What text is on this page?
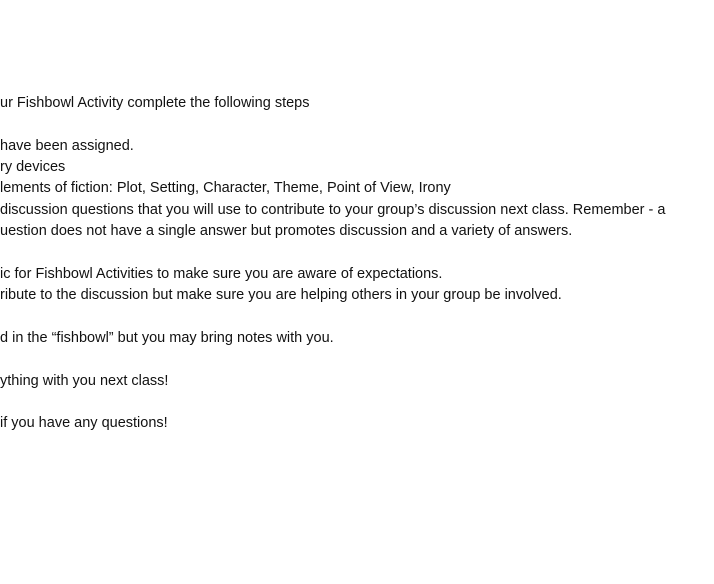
ur Fishbowl Activity complete the following steps
have been assigned.
ry devices
lements of fiction: Plot, Setting, Character, Theme, Point of View, Irony
discussion questions that you will use to contribute to your group’s discussion next class. Remember - a
uestion does not have a single answer but promotes discussion and a variety of answers.
ic for Fishbowl Activities to make sure you are aware of expectations.
ribute to the discussion but make sure you are helping others in your group be involved.
d in the “fishbowl” but you may bring notes with you.
ything with you next class!
if you have any questions!
